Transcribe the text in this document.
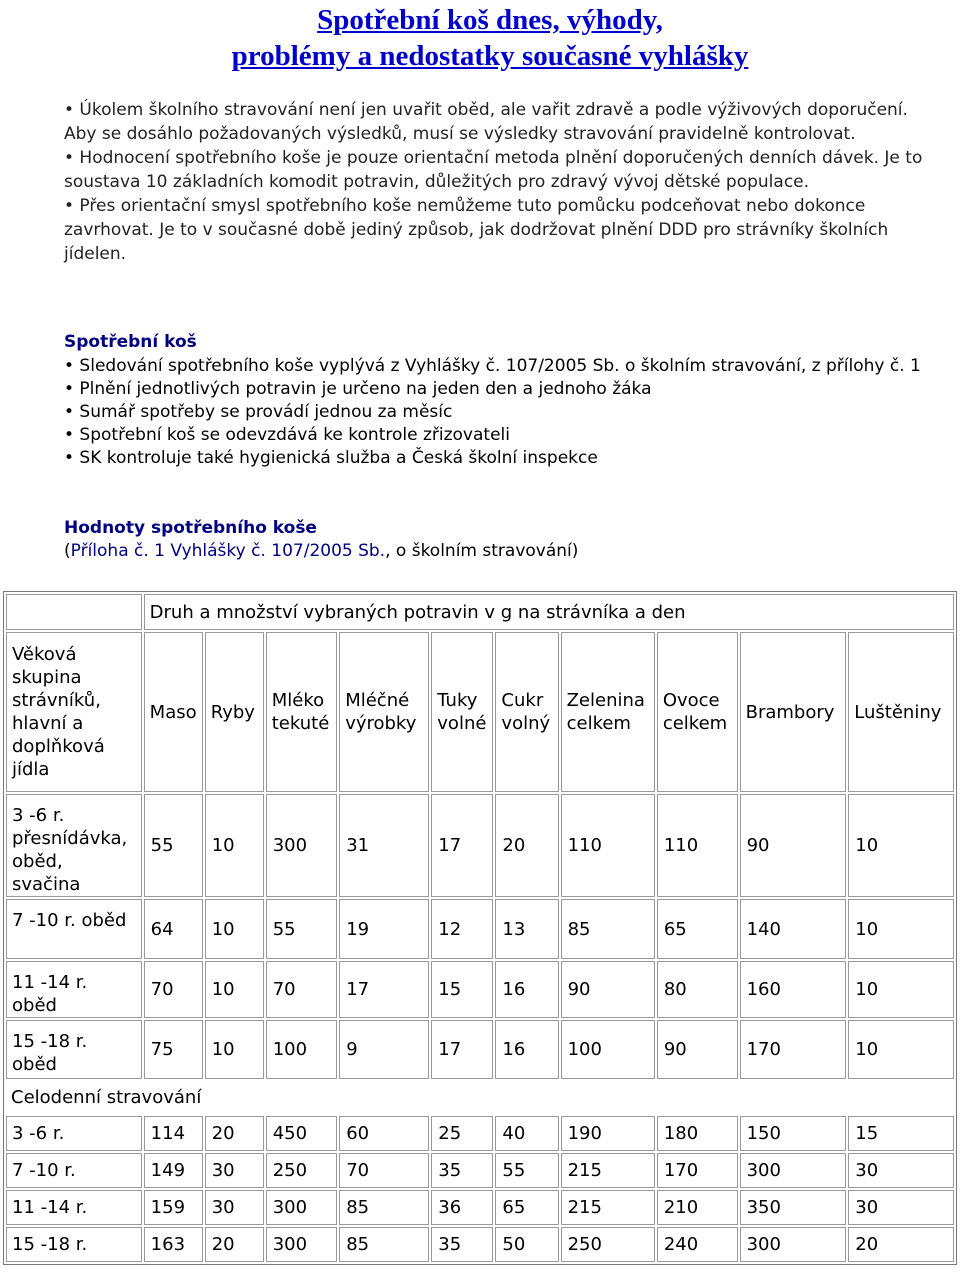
Spotřební koš dnes, výhody,
problémy a nedostatky současné vyhlášky

• Úkolem školního stravování není jen uvařit oběd, ale vařit zdravě a podle výživových doporučení. Aby se dosáhlo požadovaných výsledků, musí se výsledky stravování pravidelně kontrolovat.

• Hodnocení spotřebního koše je pouze orientační metoda plnění doporučených denních dávek. Je to soustava 10 základních komodit potravin, důležitých pro zdravý vývoj dětské populace.

• Přes orientační smysl spotřebního koše nemůžeme tuto pomůcku podceňovat nebo dokonce zavrhovat. Je to v současné době jediný způsob, jak dodržovat plnění DDD pro strávníky školních jídelen.

Spotřební koš

• Sledování spotřebního koše vyplývá z Vyhlášky č. 107/2005 Sb. o školním stravování, z přílohy č. 1

• Plnění jednotlivých potravin je určeno na jeden den a jednoho žáka

• Sumář spotřeby se provádí jednou za měsíc

• Spotřební koš se odevzdává ke kontrole zřizovateli

• SK kontroluje také hygienická služba a Česká školní inspekce

Hodnoty spotřebního koše
(Příloha č. 1 Vyhlášky č. 107/2005 Sb., o školním stravování)
	Druh a množství vybraných potravin v g na strávníka a den									
Věková skupina strávníků, hlavní a doplňková jídla	Maso	Ryby	Mléko tekuté	Mléčné výrobky	Tuky volné	Cukr volný	Zelenina celkem	Ovoce celkem	Brambory	Luštěniny
3 -6 r. přesnídávka, oběd, svačina	55	10	300	31	17	20	110	110	90	10
7 -10 r. oběd	64	10	55	19	12	13	85	65	140	10
11 -14 r. oběd	70	10	70	17	15	16	90	80	160	10
15 -18 r. oběd	75	10	100	9	17	16	100	90	170	10
Celodenní stravování										
3 -6 r.	114	20	450	60	25	40	190	180	150	15
7 -10 r.	149	30	250	70	35	55	215	170	300	30
11 -14 r.	159	30	300	85	36	65	215	210	350	30
15 -18 r.	163	20	300	85	35	50	250	240	300	20
